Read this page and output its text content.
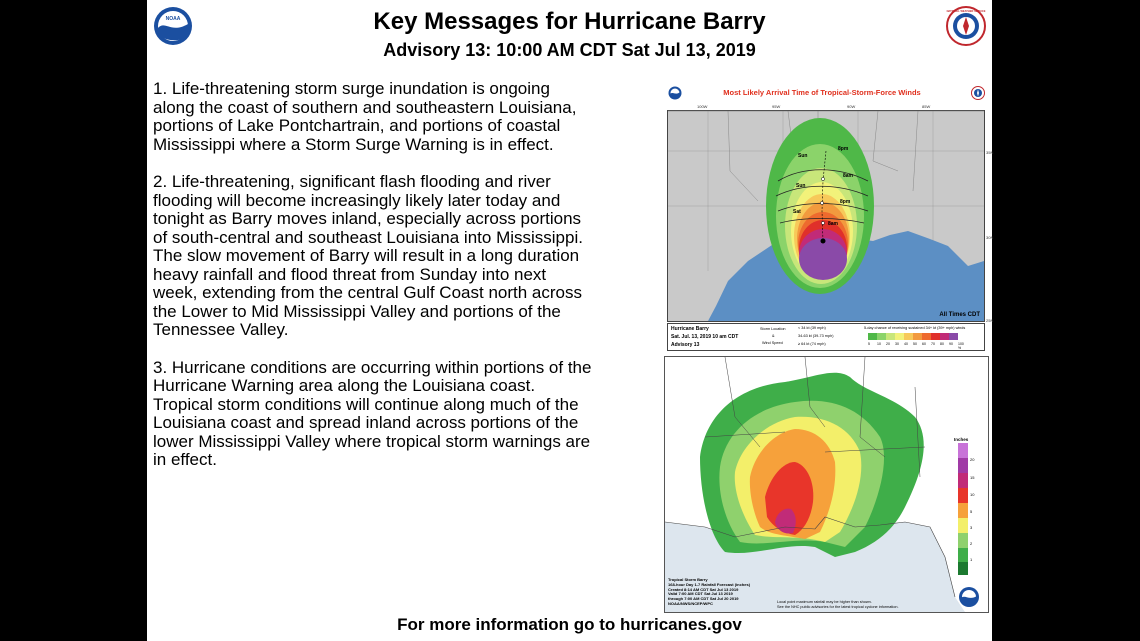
NOAA
NATIONAL WEATHER SERVICE
Key Messages for Hurricane Barry
Advisory 13: 10:00 AM CDT Sat Jul 13, 2019

1. Life-threatening storm surge inundation is ongoing along the coast of southern and southeastern Louisiana, portions of Lake Pontchartrain, and portions of coastal Mississippi where a Storm Surge Warning is in effect.

2. Life-threatening, significant flash flooding and river flooding will become increasingly likely later today and tonight as Barry moves inland, especially across portions of south-central and southeast Louisiana into Mississippi. The slow movement of Barry will result in a long duration heavy rainfall and flood threat from Sunday into next week, extending from the central Gulf Coast north across the Lower to Mid Mississippi Valley and portions of the Tennessee Valley.

3. Hurricane conditions are occurring within portions of the Hurricane Warning area along the Louisiana coast. Tropical storm conditions will continue along much of the Louisiana coast and spread inland across portions of the lower Mississippi Valley where tropical storm warnings are in effect.

Most Likely Arrival Time of Tropical-Storm-Force Winds
100W	95W	90W	85W
Sun
Sun
Sat
8pm
8am
8pm
8am
All Times CDT
35N
30N
25N
Hurricane Barry
Sat. Jul. 13, 2019 10 am CDT
Advisory 13
Storm Location
&
Wind Speed
< 34 kt (39 mph)
34-63 kt (39-73 mph)
≥ 64 kt (74 mph)
5-day chance of receiving sustained 34+ kt (39+ mph) winds
5	10	20	30	40	50	60	70	80	90	100 %
Inches
20
15
10
5
3
2
1
Tropical Storm Barry
168-hour Day 1-7 Rainfall Forecast (inches)
Created 8:14 AM CDT Sat Jul 13 2019
Valid 7:00 AM CDT Sat Jul 13 2019
through 7:00 AM CDT Sat Jul 20 2019
NOAA/NWS/NCEP/WPC	Local point maximum rainfall may be higher than shown.
See the NHC public advisories for the latest tropical cyclone information.
For more information go to hurricanes.gov
